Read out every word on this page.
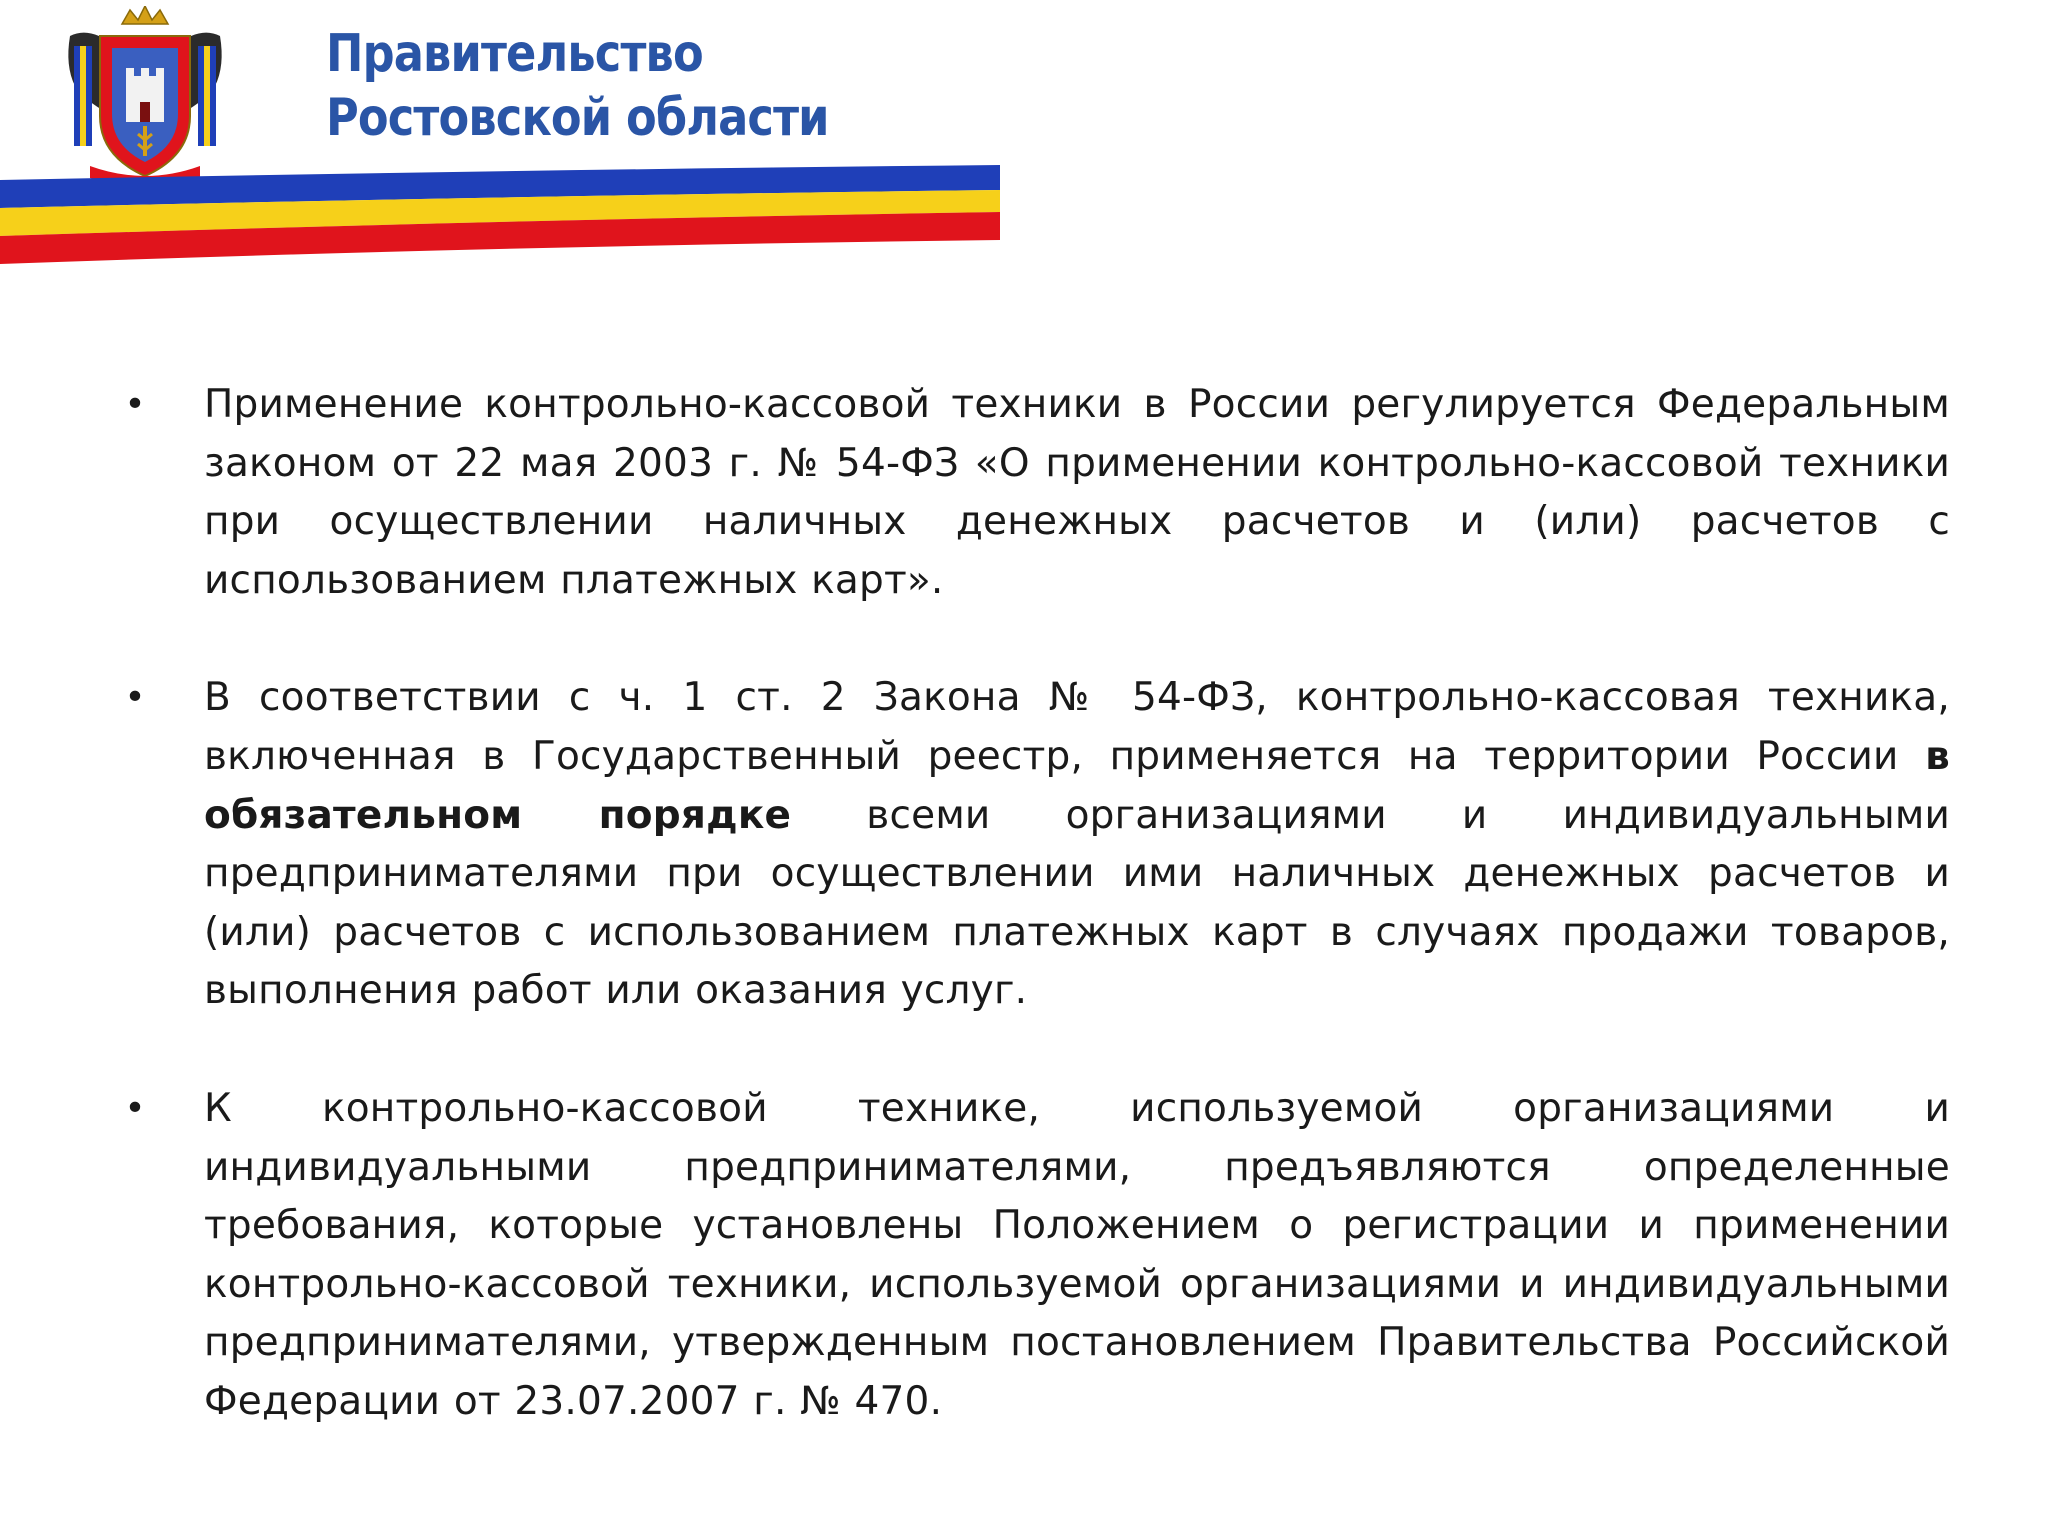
Правительство
Ростовской области
• Применение контрольно-кассовой техники в России регулируется Федеральным законом от 22 мая 2003 г. № 54-ФЗ «О применении контрольно-кассовой техники при осуществлении наличных денежных расчетов и (или) расчетов с использованием платежных карт».

• В соответствии с ч. 1 ст. 2 Закона № 54-ФЗ, контрольно-кассовая техника, включенная в Государственный реестр, применяется на территории России в обязательном порядке всеми организациями и индивидуальными предпринимателями при осуществлении ими наличных денежных расчетов и (или) расчетов с использованием платежных карт в случаях продажи товаров, выполнения работ или оказания услуг.

• К контрольно-кассовой технике, используемой организациями и индивидуальными предпринимателями, предъявляются определенные требования, которые установлены Положением о регистрации и применении контрольно-кассовой техники, используемой организациями и индивидуальными предпринимателями, утвержденным постановлением Правительства Российской Федерации от 23.07.2007 г. № 470.
